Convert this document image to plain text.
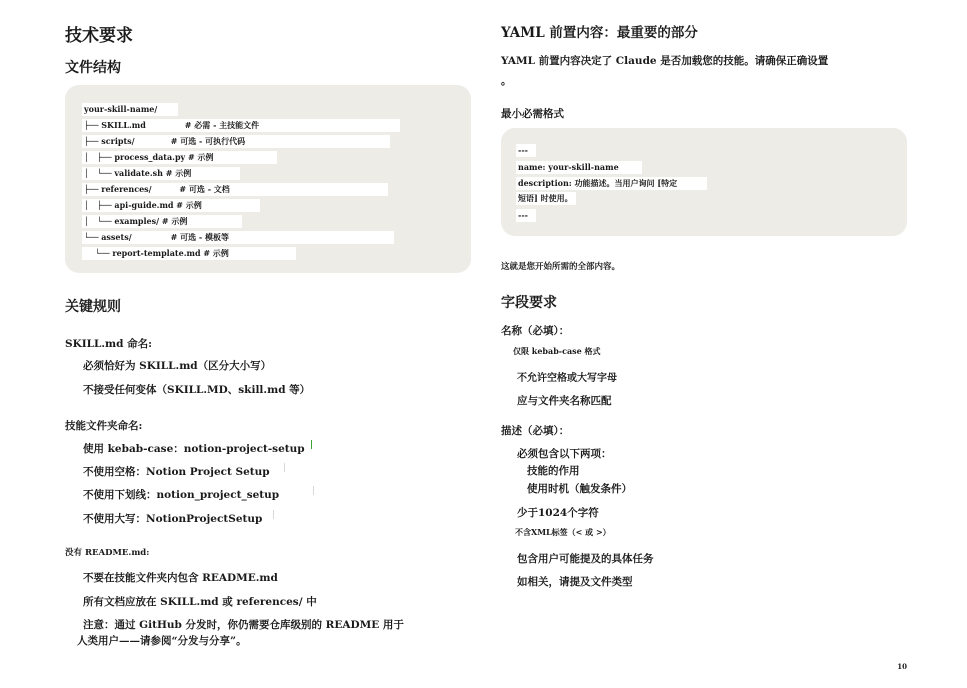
技术要求
文件结构
your-skill-name/
├── SKILL.md              # 必需 - 主技能文件
├── scripts/             # 可选 - 可执行代码
│   ├── process_data.py # 示例
│   └── validate.sh # 示例
├── references/          # 可选 - 文档
│   ├── api-guide.md # 示例
│   └── examples/ # 示例
└── assets/              # 可选 - 模板等
└── report-template.md # 示例
关键规则
SKILL.md 命名:
必须恰好为 SKILL.md（区分大小写）
不接受任何变体（SKILL.MD、skill.md 等）
技能文件夹命名:
使用 kebab-case：notion-project-setup
不使用空格：Notion Project Setup
不使用下划线：notion_project_setup
不使用大写：NotionProjectSetup
没有 README.md:
不要在技能文件夹内包含 README.md
所有文档应放在 SKILL.md 或 references/ 中
注意：通过 GitHub 分发时，你仍需要仓库级别的 README 用于
人类用户——请参阅“分发与分享”。
YAML 前置内容：最重要的部分
YAML 前置内容决定了 Claude 是否加载您的技能。请确保正确设置
。
最小必需格式
---
name: your-skill-name
description: 功能描述。当用户询问 [特定
短语] 时使用。
---
这就是您开始所需的全部内容。
字段要求
名称（必填）：
仅限 kebab-case 格式
不允许空格或大写字母
应与文件夹名称匹配
描述（必填）：
必须包含以下两项：
技能的作用
使用时机（触发条件）
少于1024个字符
不含XML标签（< 或 >）
包含用户可能提及的具体任务
如相关，请提及文件类型
10
